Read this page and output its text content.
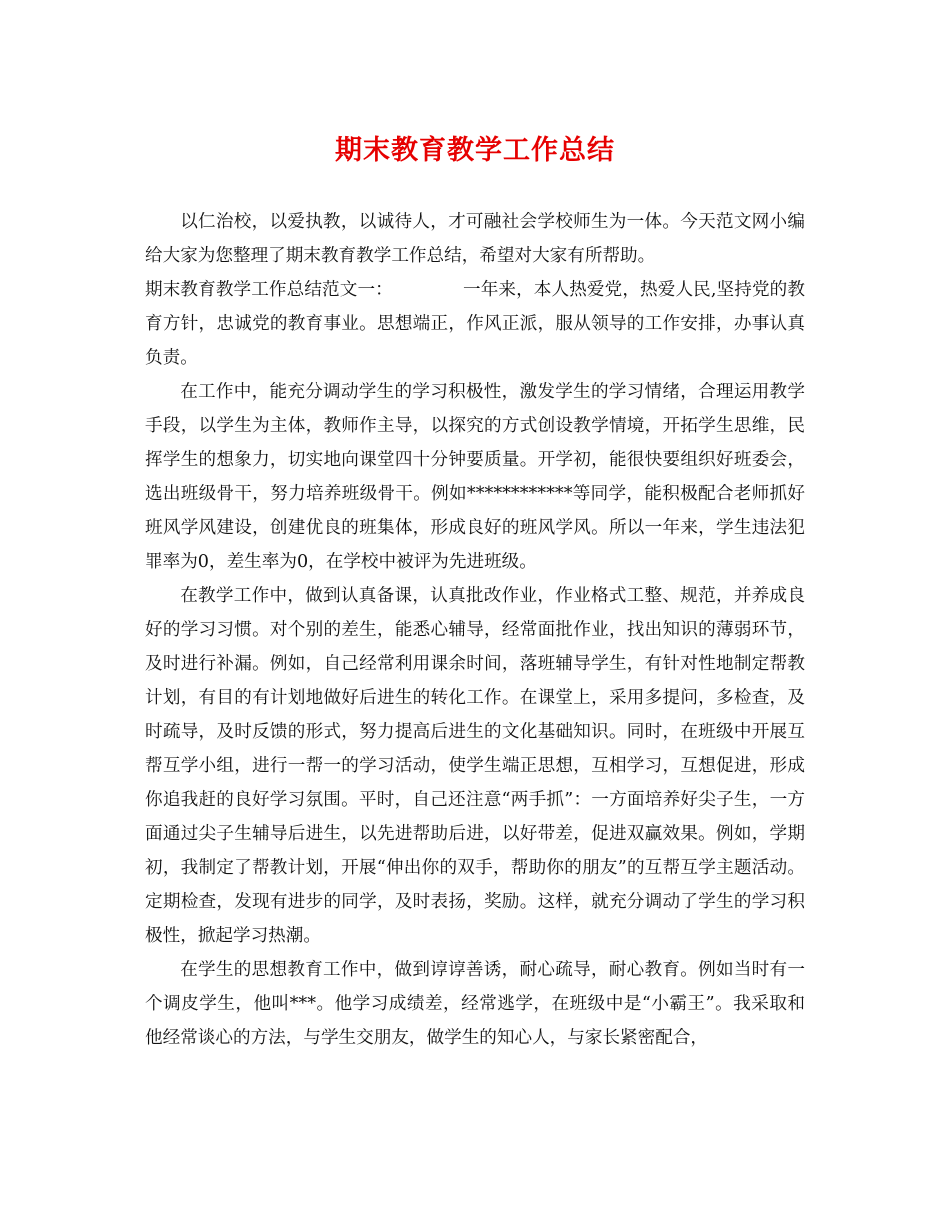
期末教育教学工作总结

以仁治校，以爱执教，以诚待人，才可融社会学校师生为一体。今天范文网小编给大家为您整理了期末教育教学工作总结，希望对大家有所帮助。

期末教育教学工作总结范文一：	一年来，本人热爱党，热爱人民,坚持党的教育方针，忠诚党的教育事业。思想端正，作风正派，服从领导的工作安排，办事认真负责。

在工作中，能充分调动学生的学习积极性，激发学生的学习情绪，合理运用教学手段，以学生为主体，教师作主导，以探究的方式创设教学情境，开拓学生思维，民挥学生的想象力，切实地向课堂四十分钟要质量。开学初，能很快要组织好班委会，选出班级骨干，努力培养班级骨干。例如************等同学，能积极配合老师抓好班风学风建设，创建优良的班集体，形成良好的班风学风。所以一年来，学生违法犯罪率为0，差生率为0，在学校中被评为先进班级。

在教学工作中，做到认真备课，认真批改作业，作业格式工整、规范，并养成良好的学习习惯。对个别的差生，能悉心辅导，经常面批作业，找出知识的薄弱环节，及时进行补漏。例如，自己经常利用课余时间，落班辅导学生，有针对性地制定帮教计划，有目的有计划地做好后进生的转化工作。在课堂上，采用多提问，多检查，及时疏导，及时反馈的形式，努力提高后进生的文化基础知识。同时，在班级中开展互帮互学小组，进行一帮一的学习活动，使学生端正思想，互相学习，互想促进，形成你追我赶的良好学习氛围。平时，自己还注意“两手抓”：一方面培养好尖子生，一方面通过尖子生辅导后进生，以先进帮助后进，以好带差，促进双赢效果。例如，学期初，我制定了帮教计划，开展“伸出你的双手，帮助你的朋友”的互帮互学主题活动。定期检查，发现有进步的同学，及时表扬，奖励。这样，就充分调动了学生的学习积极性，掀起学习热潮。

在学生的思想教育工作中，做到谆谆善诱，耐心疏导，耐心教育。例如当时有一个调皮学生，他叫***。他学习成绩差，经常逃学，在班级中是“小霸王”。我采取和他经常谈心的方法，与学生交朋友，做学生的知心人，与家长紧密配合，
